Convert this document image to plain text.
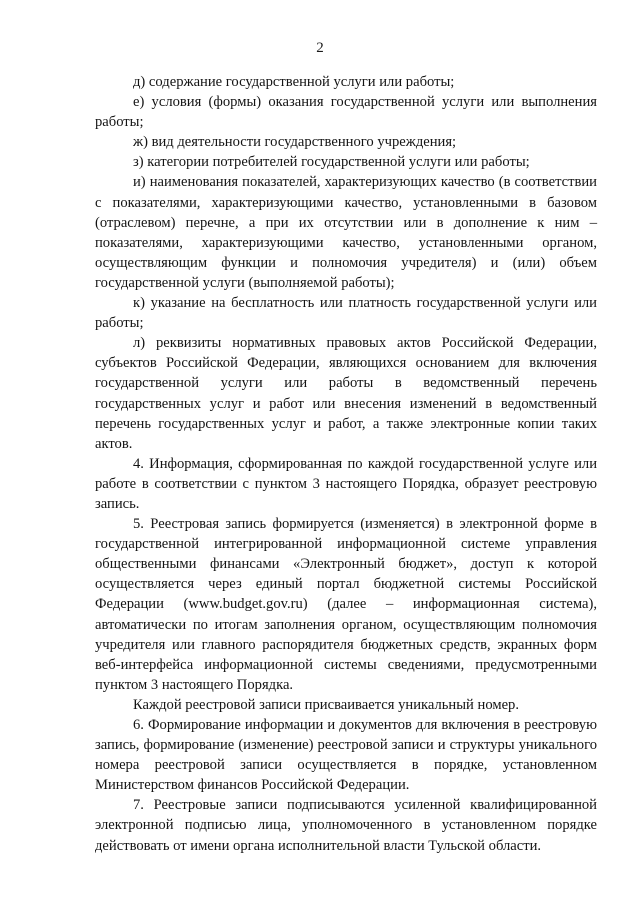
2

д) содержание государственной услуги или работы;

е) условия (формы) оказания государственной услуги или выполнения работы;

ж) вид деятельности государственного учреждения;

з) категории потребителей государственной услуги или работы;

и) наименования показателей, характеризующих качество (в соответствии с показателями, характеризующими качество, установленными в базовом (отраслевом) перечне, а при их отсутствии или в дополнение к ним – показателями, характеризующими качество, установленными органом, осуществляющим функции и полномочия учредителя) и (или) объем государственной услуги (выполняемой работы);

к) указание на бесплатность или платность государственной услуги или работы;

л) реквизиты нормативных правовых актов Российской Федерации, субъектов Российской Федерации, являющихся основанием для включения государственной услуги или работы в ведомственный перечень государственных услуг и работ или внесения изменений в ведомственный перечень государственных услуг и работ, а также электронные копии таких актов.

4. Информация, сформированная по каждой государственной услуге или работе в соответствии с пунктом 3 настоящего Порядка, образует реестровую запись.

5. Реестровая запись формируется (изменяется) в электронной форме в государственной интегрированной информационной системе управления общественными финансами «Электронный бюджет», доступ к которой осуществляется через единый портал бюджетной системы Российской Федерации (www.budget.gov.ru) (далее – информационная система), автоматически по итогам заполнения органом, осуществляющим полномочия учредителя или главного распорядителя бюджетных средств, экранных форм веб-интерфейса информационной системы сведениями, предусмотренными пунктом 3 настоящего Порядка.

Каждой реестровой записи присваивается уникальный номер.

6. Формирование информации и документов для включения в реестровую запись, формирование (изменение) реестровой записи и структуры уникального номера реестровой записи осуществляется в порядке, установленном Министерством финансов Российской Федерации.

7. Реестровые записи подписываются усиленной квалифицированной электронной подписью лица, уполномоченного в установленном порядке действовать от имени органа исполнительной власти Тульской области.
